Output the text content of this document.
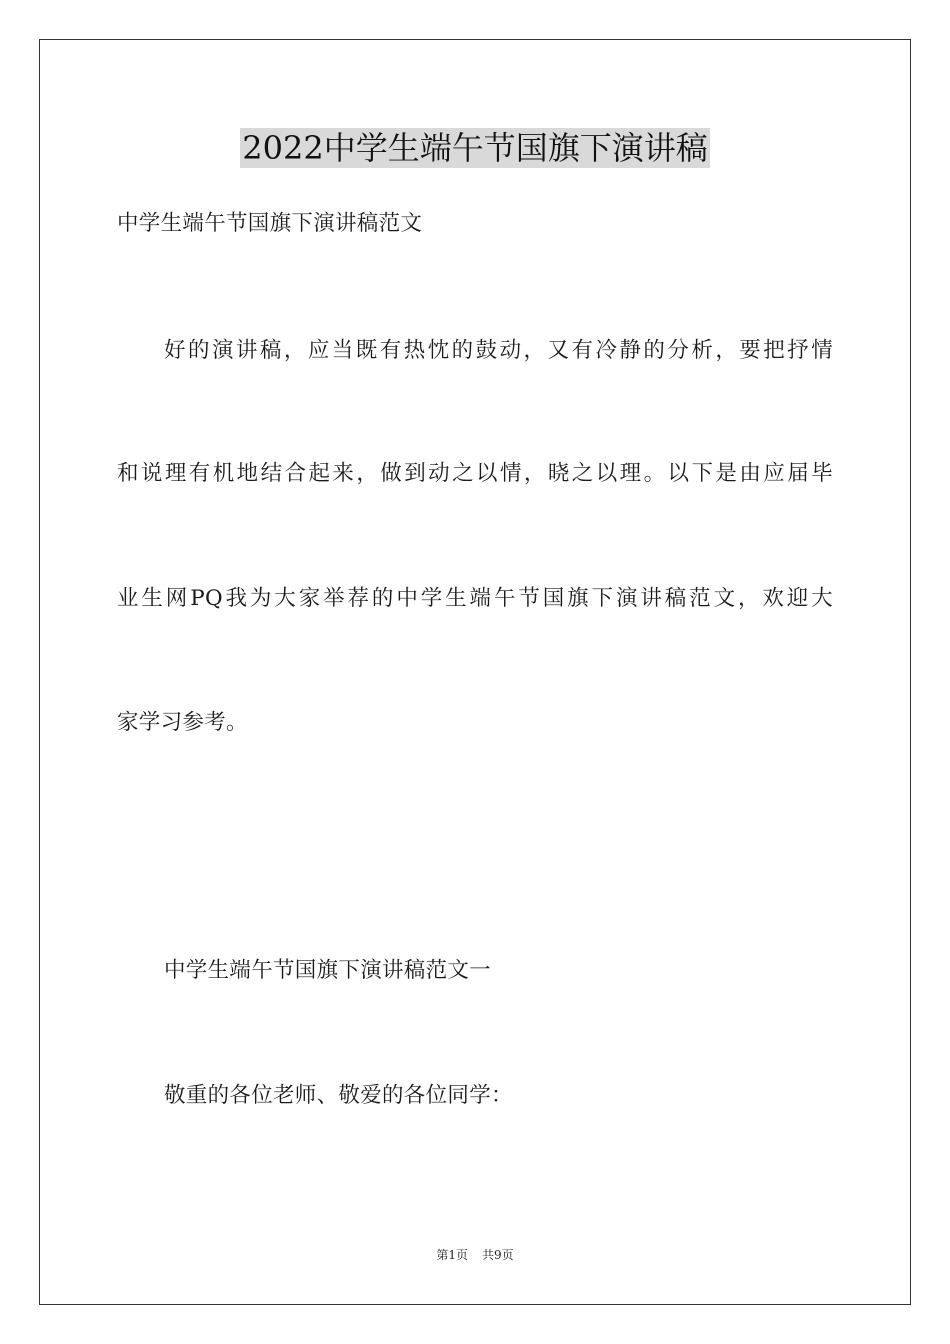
2022中学生端午节国旗下演讲稿
中学生端午节国旗下演讲稿范文
好的演讲稿，应当既有热忱的鼓动，又有冷静的分析，要把抒情
和说理有机地结合起来，做到动之以情，晓之以理。以下是由应届毕
业生网PQ我为大家举荐的中学生端午节国旗下演讲稿范文，欢迎大
家学习参考。
中学生端午节国旗下演讲稿范文一
敬重的各位老师、敬爱的各位同学：
第1页 共9页
